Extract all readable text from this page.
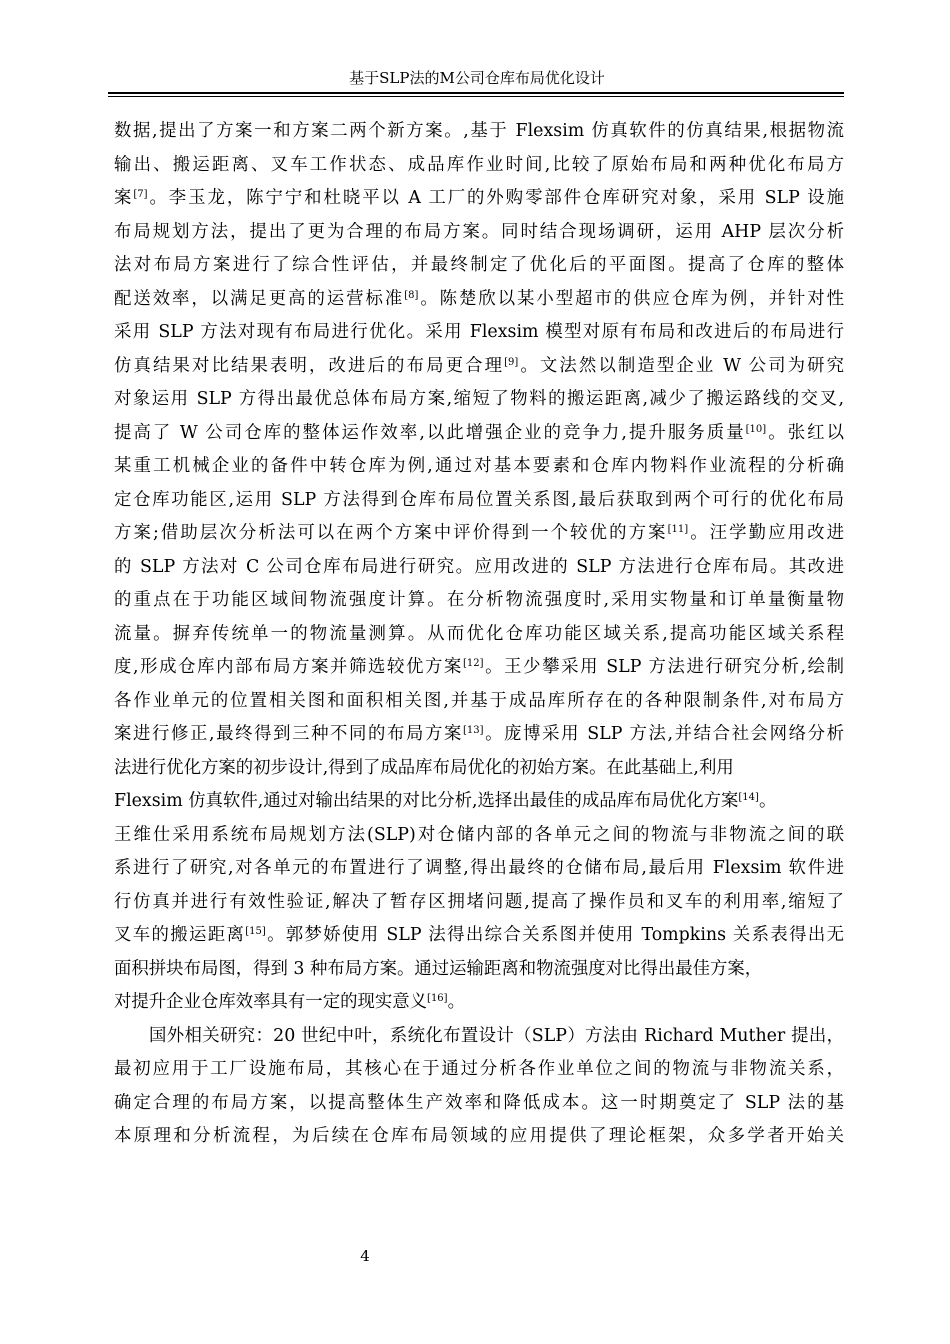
基于SLP法的M公司仓库布局优化设计
数据,提出了方案一和方案二两个新方案。,基于 Flexsim 仿真软件的仿真结果,根据物流
输出、搬运距离、叉车工作状态、成品库作业时间,比较了原始布局和两种优化布局方
案[7]。李玉龙，陈宁宁和杜晓平以 A 工厂的外购零部件仓库研究对象，采用 SLP 设施
布局规划方法，提出了更为合理的布局方案。同时结合现场调研，运用 AHP 层次分析
法对布局方案进行了综合性评估，并最终制定了优化后的平面图。提高了仓库的整体
配送效率，以满足更高的运营标准[8]。陈楚欣以某小型超市的供应仓库为例，并针对性
采用 SLP 方法对现有布局进行优化。采用 Flexsim 模型对原有布局和改进后的布局进行
仿真结果对比结果表明，改进后的布局更合理[9]。文法然以制造型企业 W 公司为研究
对象运用 SLP 方得出最优总体布局方案,缩短了物料的搬运距离,减少了搬运路线的交叉,
提高了 W 公司仓库的整体运作效率,以此增强企业的竞争力,提升服务质量[10]。张红以
某重工机械企业的备件中转仓库为例,通过对基本要素和仓库内物料作业流程的分析确
定仓库功能区,运用 SLP 方法得到仓库布局位置关系图,最后获取到两个可行的优化布局
方案;借助层次分析法可以在两个方案中评价得到一个较优的方案[11]。汪学勤应用改进
的 SLP 方法对 C 公司仓库布局进行研究。应用改进的 SLP 方法进行仓库布局。其改进
的重点在于功能区域间物流强度计算。在分析物流强度时,采用实物量和订单量衡量物
流量。摒弃传统单一的物流量测算。从而优化仓库功能区域关系,提高功能区域关系程
度,形成仓库内部布局方案并筛选较优方案[12]。王少攀采用 SLP 方法进行研究分析,绘制
各作业单元的位置相关图和面积相关图,并基于成品库所存在的各种限制条件,对布局方
案进行修正,最终得到三种不同的布局方案[13]。庞博采用 SLP 方法,并结合社会网络分析
法进行优化方案的初步设计,得到了成品库布局优化的初始方案。在此基础上,利用
Flexsim 仿真软件,通过对输出结果的对比分析,选择出最佳的成品库布局优化方案[14]。
王维仕采用系统布局规划方法(SLP)对仓储内部的各单元之间的物流与非物流之间的联
系进行了研究,对各单元的布置进行了调整,得出最终的仓储布局,最后用 Flexsim 软件进
行仿真并进行有效性验证,解决了暂存区拥堵问题,提高了操作员和叉车的利用率,缩短了
叉车的搬运距离[15]。郭梦娇使用 SLP 法得出综合关系图并使用 Tompkins 关系表得出无
面积拼块布局图，得到 3 种布局方案。通过运输距离和物流强度对比得出最佳方案，
对提升企业仓库效率具有一定的现实意义[16]。
国外相关研究：20 世纪中叶，系统化布置设计（SLP）方法由 Richard Muther 提出，
最初应用于工厂设施布局，其核心在于通过分析各作业单位之间的物流与非物流关系，
确定合理的布局方案，以提高整体生产效率和降低成本。这一时期奠定了 SLP 法的基
本原理和分析流程，为后续在仓库布局领域的应用提供了理论框架，众多学者开始关
4
